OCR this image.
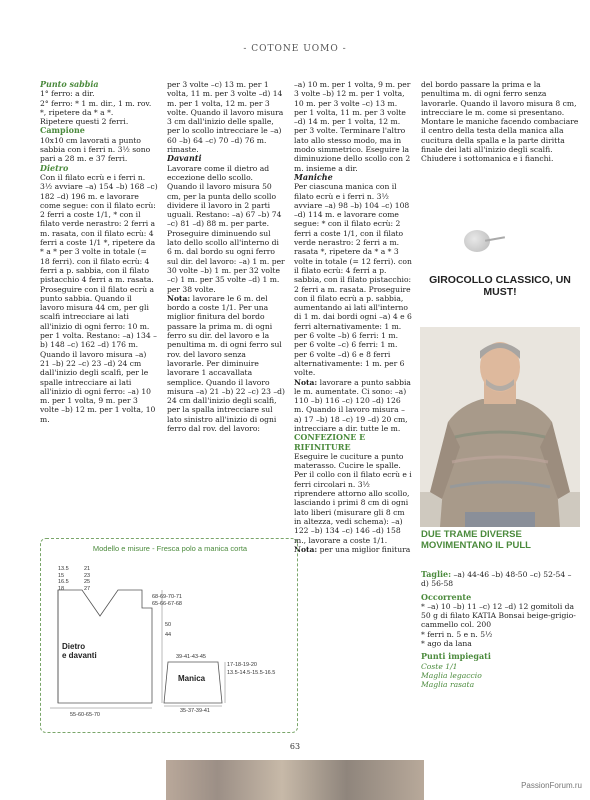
- COTONE UOMO -

Punto sabbia

1° ferro: a dir.

2° ferro: * 1 m. dir., 1 m. rov. *, ripetere da * a *.

Ripetere questi 2 ferri.

Campione

10x10 cm lavorati a punto sabbia con i ferri n. 3½ sono pari a 28 m. e 37 ferri.

Dietro

Con il filato ecrù e i ferri n. 3½ avviare –a) 154 –b) 168 –c) 182 –d) 196 m. e lavorare come segue: con il filato ecrù: 2 ferri a coste 1/1, * con il filato verde nerastro: 2 ferri a m. rasata, con il filato ecrù: 4 ferri a coste 1/1 *, ripetere da * a * per 3 volte in totale (= 18 ferri). con il filato ecrù: 4 ferri a p. sabbia, con il filato pistacchio 4 ferri a m. rasata. Proseguire con il filato ecrù a punto sabbia. Quando il lavoro misura 44 cm, per gli scalfi intrecciare ai lati all'inizio di ogni ferro: 10 m. per 1 volta. Restano: –a) 134 –b) 148 –c) 162 –d) 176 m. Quando il lavoro misura –a) 21 –b) 22 –c) 23 –d) 24 cm dall'inizio degli scalfi, per le spalle intrecciare ai lati all'inizio di ogni ferro: –a) 10 m. per 1 volta, 9 m. per 3 volte –b) 12 m. per 1 volta, 10 m.

per 3 volte –c) 13 m. per 1 volta, 11 m. per 3 volte –d) 14 m. per 1 volta, 12 m. per 3 volte. Quando il lavoro misura 3 cm dall'inizio delle spalle, per lo scollo intrecciare le –a) 60 –b) 64 –c) 70 –d) 76 m. rimaste.

Davanti

Lavorare come il dietro ad eccezione dello scollo. Quando il lavoro misura 50 cm, per la punta dello scollo dividere il lavoro in 2 parti uguali. Restano: –a) 67 –b) 74 –c) 81 –d) 88 m. per parte. Proseguire diminuendo sul lato dello scollo all'interno di 6 m. dal bordo su ogni ferro sul dir. del lavoro: –a) 1 m. per 30 volte –b) 1 m. per 32 volte –c) 1 m. per 35 volte –d) 1 m. per 38 volte.

Nota: lavorare le 6 m. del bordo a coste 1/1. Per una miglior finitura del bordo passare la prima m. di ogni ferro su dir. del lavoro e la penultima m. di ogni ferro sul rov. del lavoro senza lavorarle. Per diminuire lavorare 1 accavallata semplice. Quando il lavoro misura –a) 21 –b) 22 –c) 23 –d) 24 cm dall'inizio degli scalfi, per la spalla intrecciare sul lato sinistro all'inizio di ogni ferro dal rov. del lavoro:

–a) 10 m. per 1 volta, 9 m. per 3 volte –b) 12 m. per 1 volta, 10 m. per 3 volte –c) 13 m. per 1 volta, 11 m. per 3 volte –d) 14 m. per 1 volta, 12 m. per 3 volte. Terminare l'altro lato allo stesso modo, ma in modo simmetrico. Eseguire la diminuzione dello scollo con 2 m. insieme a dir.

Maniche

Per ciascuna manica con il filato ecrù e i ferri n. 3½ avviare –a) 98 –b) 104 –c) 108 –d) 114 m. e lavorare come segue: * con il filato ecrù: 2 ferri a coste 1/1, con il filato verde nerastro: 2 ferri a m. rasata *, ripetere da * a * 3 volte in totale (= 12 ferri). con il filato ecrù: 4 ferri a p. sabbia, con il filato pistacchio: 2 ferri a m. rasata. Proseguire con il filato ecrù a p. sabbia, aumentando ai lati all'interno di 1 m. dai bordi ogni –a) 4 e 6 ferri alternativamente: 1 m. per 6 volte –b) 6 ferri: 1 m. per 6 volte –c) 6 ferri: 1 m. per 6 volte –d) 6 e 8 ferri alternativamente: 1 m. per 6 volte.

Nota: lavorare a punto sabbia le m. aumentate. Ci sono: –a) 110 –b) 116 –c) 120 –d) 126 m. Quando il lavoro misura –a) 17 –b) 18 –c) 19 –d) 20 cm, intrecciare a dir. tutte le m.

CONFEZIONE E RIFINITURE

Eseguire le cuciture a punto materasso. Cucire le spalle. Per il collo con il filato ecrù e i ferri circolari n. 3½ riprendere attorno allo scollo, lasciando i primi 8 cm di ogni lato liberi (misurare gli 8 cm in altezza, vedi schema): –a) 122 –b) 134 –c) 146 –d) 158 m., lavorare a coste 1/1.

Nota: per una miglior finitura

del bordo passare la prima e la penultima m. di ogni ferro senza lavorarle. Quando il lavoro misura 8 cm, intrecciare le m. come si presentano. Montare le maniche facendo combaciare il centro della testa della manica alla cucitura della spalla e la parte diritta finale dei lati all'inizio degli scalfi. Chiudere i sottomanica e i fianchi.

GIROCOLLO CLASSICO, UN MUST!
DUE TRAME DIVERSE MOVIMENTANO IL PULL

Taglie: –a) 44-46 –b) 48-50 –c) 52-54 –d) 56-58

Occorrente

* –a) 10 –b) 11 –c) 12 –d) 12 gomitoli da 50 g di filato KATIA Bonsai beige-grigio-cammello col. 200

* ferri n. 5 e n. 5½

* ago da lana

Punti impiegati

Coste 1/1

Maglia legaccio

Maglia rasata

Modello e misure - Fresca polo a manica corta
13.5
15
16.5
18
21
23
25
27
68-69-70-71
65-66-67-68
50
44
Dietro
e davanti
55-60-65-70
39-41-43-45
Manica
17-18-19-20
13.5-14.5-15.5-16.5
35-37-39-41
63
PassionForum.ru
